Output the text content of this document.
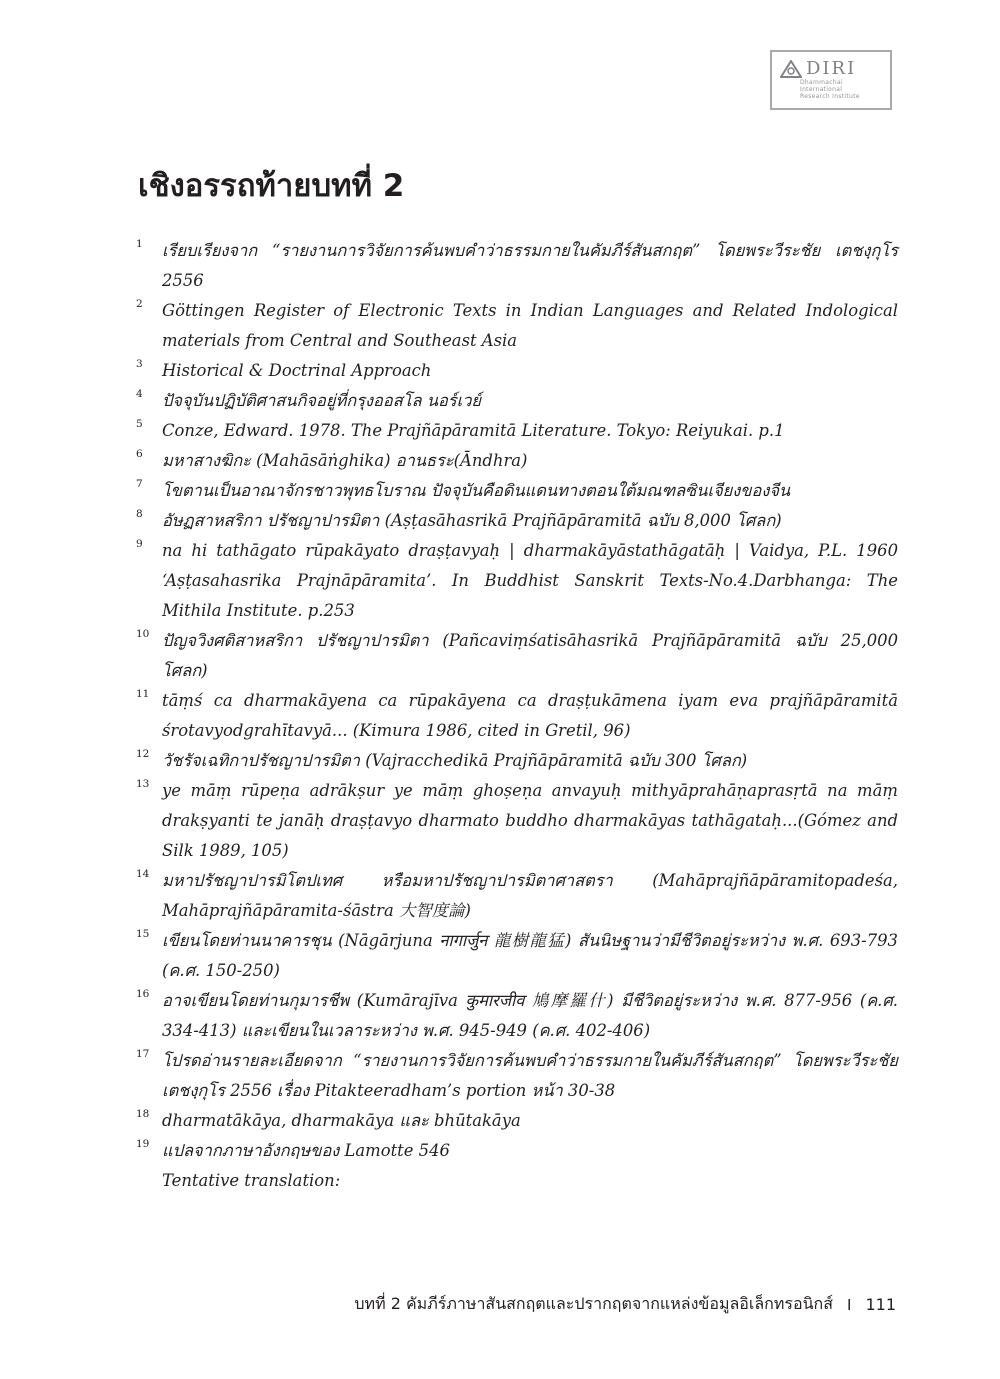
DIRI
Dhammachai International
Research Institute
เชิงอรรถท้ายบทที่ 2
1 เรียบเรียงจาก “รายงานการวิจัยการค้นพบคำว่าธรรมกายในคัมภีร์สันสกฤต” โดยพระวีระชัย เตชงฺกุโร 2556
2 Göttingen Register of Electronic Texts in Indian Languages and Related Indological materials from Central and Southeast Asia
3 Historical & Doctrinal Approach
4 ปัจจุบันปฏิบัติศาสนกิจอยู่ที่กรุงออสโล นอร์เวย์
5 Conze, Edward. 1978. The Prajñāpāramitā Literature. Tokyo: Reiyukai. p.1
6 มหาสางฆิกะ (Mahāsāṅghika) อานธระ(Āndhra)
7 โขตานเป็นอาณาจักรชาวพุทธโบราณ ปัจจุบันคือดินแดนทางตอนใต้มณฑลซินเจียงของจีน
8 อัษฏสาหสริกา ปรัชญาปารมิตา (Aṣṭasāhasrikā Prajñāpāramitā ฉบับ 8,000 โศลก)
9 na hi tathāgato rūpakāyato draṣṭavyaḥ | dharmakāyāstathāgatāḥ | Vaidya, P.L. 1960 ‘Aṣṭasahasrika Prajnāpāramita’. In Buddhist Sanskrit Texts-No.4.Darbhanga: The Mithila Institute. p.253
10 ปัญจวิงศติสาหสริกา ปรัชญาปารมิตา (Pañcaviṃśatisāhasrikā Prajñāpāramitā ฉบับ 25,000 โศลก)
11 tāṃś ca dharmakāyena ca rūpakāyena ca draṣṭukāmena iyam eva prajñāpāramitā śrotavyodgrahītavyā... (Kimura 1986, cited in Gretil, 96)
12 วัชรัจเฉทิกาปรัชญาปารมิตา (Vajracchedikā Prajñāpāramitā ฉบับ 300 โศลก)
13 ye māṃ rūpeṇa adrākṣur ye māṃ ghoṣeṇa anvayuḥ mithyāprahāṇaprasṛtā na māṃ drakṣyanti te janāḥ draṣṭavyo dharmato buddho dharmakāyas tathāgataḥ...(Gómez and Silk 1989, 105)
14 มหาปรัชญาปารมิโตปเทศ หรือมหาปรัชญาปารมิตาศาสตรา (Mahāprajñāpāramitopadeśa, Mahāprajñāpāramita-śāstra 大智度論)
15 เขียนโดยท่านนาคารชุน (Nāgārjuna नागार्जुन 龍樹龍猛) สันนิษฐานว่ามีชีวิตอยู่ระหว่าง พ.ศ. 693-793 (ค.ศ. 150-250)
16 อาจเขียนโดยท่านกุมารชีพ (Kumārajīva कुमारजीव 鳩摩羅什) มีชีวิตอยู่ระหว่าง พ.ศ. 877-956 (ค.ศ. 334-413) และเขียนในเวลาระหว่าง พ.ศ. 945-949 (ค.ศ. 402-406)
17 โปรดอ่านรายละเอียดจาก “รายงานการวิจัยการค้นพบคำว่าธรรมกายในคัมภีร์สันสกฤต” โดยพระวีระชัย เตชงฺกุโร 2556 เรื่อง Pitakteeradham’s portion หน้า 30-38
18 dharmatākāya, dharmakāya และ bhūtakāya
19 แปลจากภาษาอังกฤษของ Lamotte 546
Tentative translation:
บทที่ 2 คัมภีร์ภาษาสันสกฤตและปรากฤตจากแหล่งข้อมูลอิเล็กทรอนิกส์ I 111
